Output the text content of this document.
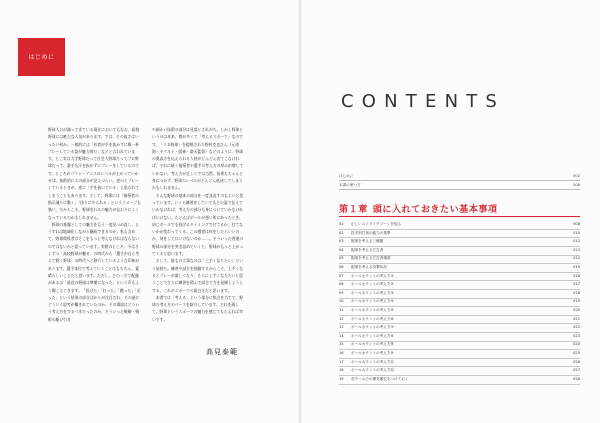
はじめに
野球人口が減ってきている現在においてもなお、高校野球には絶大な人気があります。では、その高さはいったい何か。一般的には「若者が手を抜かずに唯一杯プレーしている姿が魅力的だ」などと言われています。とこ実は大学野球だって社会人野球だってプロ野球だって、誰手も汗を抜かずにプレーをしているのです。ところがパフォーマンスのレベルが上がっていかせば、技術的にエの部分が見えづらい。逆のとプレーしているときが、逆に「手を抜いている」と思われてしまうこともあります。そして、野球には「指導者の指示通りに動く」「固りにやられる」というイメージも強い。だからこそ、野球をれるの魅力が伝わりにくくなっているのかもしれません。
　野球の基盤としての魅力をもう一度見つめ直し、とうすれば地域化しながら継続できるのか。私も含めて、野球関係者はそこをもっと考えなければならないのではないかと思っています。実際のところ、今はさしずつ「高校野球が魅せ」の時代から「選手が自ら考えて動く野球」の時代へと移行しているような印象があります。選手本位で考えていくことはもちろん、素晴らしいことだと思います。ただし、その一方で配慮があるは「最近の野球は準備になった」という声もよく聞こえてきます。「投げた」「打った」「跳った」「走った」という結果の部分ばかりが注目され、その過にどういう思考が働きれていたのか、その場面はどういう考え方をするべきだったのか、そういった戦略・戦術の駆け引き
や細かい技術の部分は見落とされがち。しかし野球というのは本来、間が多くて「考えるスポーツ」なのです。「ＩＤ野球」を提唱された野村克也さん（元南海・ヤクルト・阪神・楽天監督）などのように、野球の奥深さを伝えられる人材がどんどん出てこなければ、それに続く指導者や選手の考え方の厚みが増していかない。考え方が乏しいでは当然、技術もちゃんと身につかず、野球のレベルがどんどん低迷してしまうかもしれません。
　そんな野球の基本の部分を一度見直すのもよいと思っています。いくら練習をしていてもその裏で伝えていかなければ、考え方の部分も身についていかなければいけない。たとえばボールが悪い所にあったとき、同じボールでも投げるタイミングで打てるか、打てないかが変わってくる。この感覚は何をしたらいいのか、何をしてはいけないのか……。そういった普通の野球の部分を突き詰めていくと、野球がもっと上がってくると思います。
　そして、最もの大事なのは「上手くなりたい」という気持ち。練習や試合を経験するからこそ、上手くなるとプレーが楽しくなり、さらに上手くなりたいと思うことでさらに練習を積んで試合で力を発揮しようとする。これがスポーツの面白さだと思います。
　本書では「考える」という部分に焦点を当てて、野球の考え方のベースを紹介しています。それを通して、野球というスポーツの魅力を感じてもらえれば幸いです。
高見泰範
CONTENTS
はじめに	002
本書の使い方	008
第１章 頭に入れておきたい基本事項
01	正しいストライクゾーンを知る	008
02	投手別打者の能力の基準	010
03	配球を考える三種類	012
04	配球を考える左打者	013
05	配球を考える左打者場面	014
06	配球を考える攻撃状況	015
07	ボールカウントの考え方①	016
08	ボールカウントの考え方②	017
09	ボールカウントの考え方③	018
10	ボールカウントの考え方④	019
11	ボールカウントの考え方⑤	020
12	ボールカウントの考え方⑥	021
13	ボールカウントの考え方⑦	022
14	ボールカウントの考え方⑧	023
15	ボールカウントの考え方⑨	024
16	ボールカウントの考え方⑩	025
17	ボールカウントの考え方⑪	026
18	ボールカウントの考え方⑫	027
19	各チームでの優先順位をつけておく	028
